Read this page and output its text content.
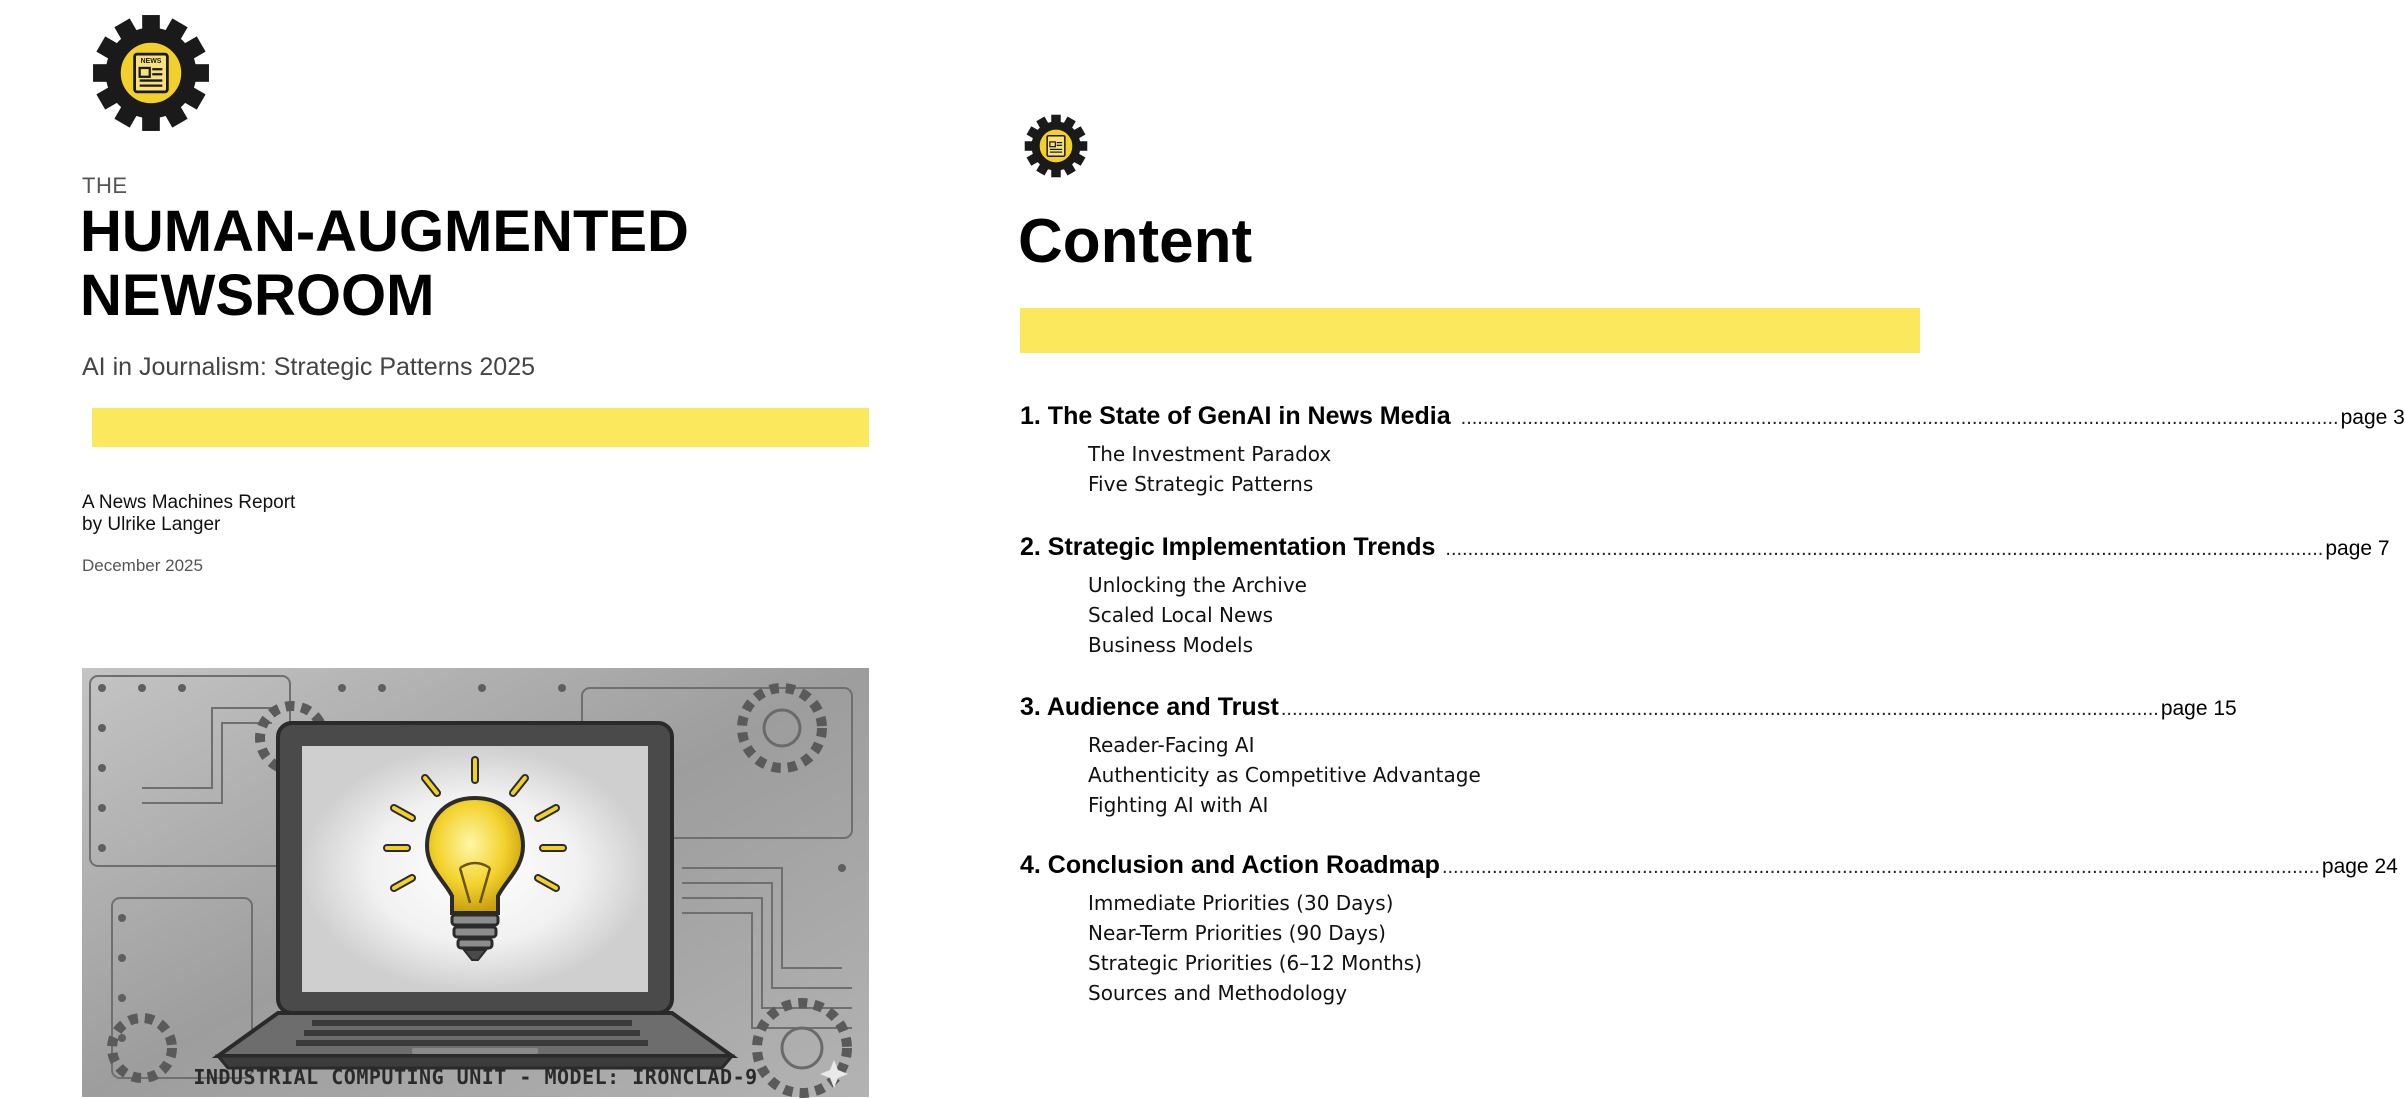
NEWS
THE
HUMAN-AUGMENTED
NEWSROOM
AI in Journalism: Strategic Patterns 2025
A News Machines Report
by Ulrike Langer
December 2025
INDUSTRIAL COMPUTING UNIT - MODEL: IRONCLAD-9
Content
1. The State of GenAI in News Media .............................................................................................................................................................. page 3
The Investment Paradox
Five Strategic Patterns
2. Strategic Implementation Trends .............................................................................................................................................................. page 7
Unlocking the Archive
Scaled Local News
Business Models
3. Audience and Trust .............................................................................................................................................................. page 15
Reader-Facing AI
Authenticity as Competitive Advantage
Fighting AI with AI
4. Conclusion and Action Roadmap .............................................................................................................................................................. page 24
Immediate Priorities (30 Days)
Near-Term Priorities (90 Days)
Strategic Priorities (6–12 Months)
Sources and Methodology
